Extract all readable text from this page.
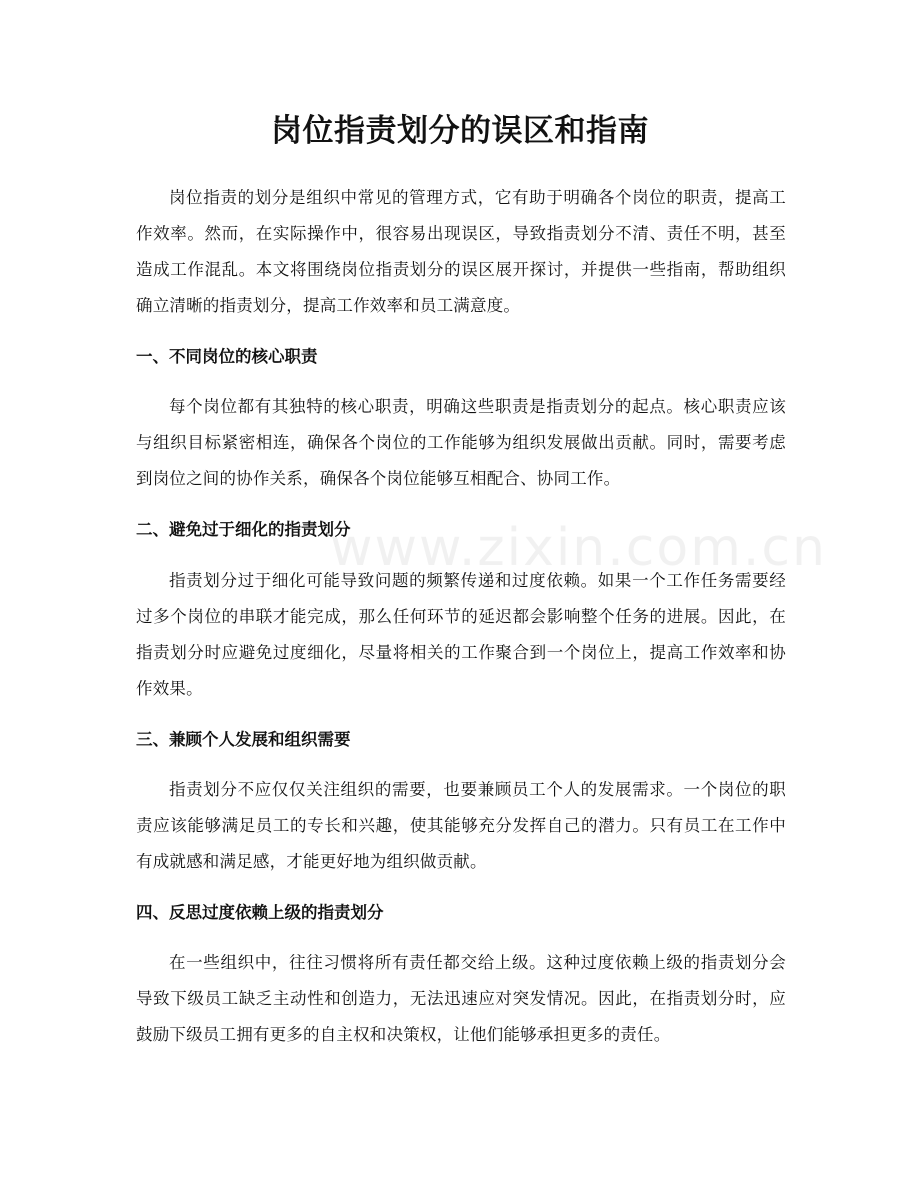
岗位指责划分的误区和指南

岗位指责的划分是组织中常见的管理方式，它有助于明确各个岗位的职责，提高工作效率。然而，在实际操作中，很容易出现误区，导致指责划分不清、责任不明，甚至造成工作混乱。本文将围绕岗位指责划分的误区展开探讨，并提供一些指南，帮助组织确立清晰的指责划分，提高工作效率和员工满意度。

一、不同岗位的核心职责

每个岗位都有其独特的核心职责，明确这些职责是指责划分的起点。核心职责应该与组织目标紧密相连，确保各个岗位的工作能够为组织发展做出贡献。同时，需要考虑到岗位之间的协作关系，确保各个岗位能够互相配合、协同工作。

二、避免过于细化的指责划分

指责划分过于细化可能导致问题的频繁传递和过度依赖。如果一个工作任务需要经过多个岗位的串联才能完成，那么任何环节的延迟都会影响整个任务的进展。因此，在指责划分时应避免过度细化，尽量将相关的工作聚合到一个岗位上，提高工作效率和协作效果。

三、兼顾个人发展和组织需要

指责划分不应仅仅关注组织的需要，也要兼顾员工个人的发展需求。一个岗位的职责应该能够满足员工的专长和兴趣，使其能够充分发挥自己的潜力。只有员工在工作中有成就感和满足感，才能更好地为组织做贡献。

四、反思过度依赖上级的指责划分

在一些组织中，往往习惯将所有责任都交给上级。这种过度依赖上级的指责划分会导致下级员工缺乏主动性和创造力，无法迅速应对突发情况。因此，在指责划分时，应鼓励下级员工拥有更多的自主权和决策权，让他们能够承担更多的责任。

www.zixin.com.cn
